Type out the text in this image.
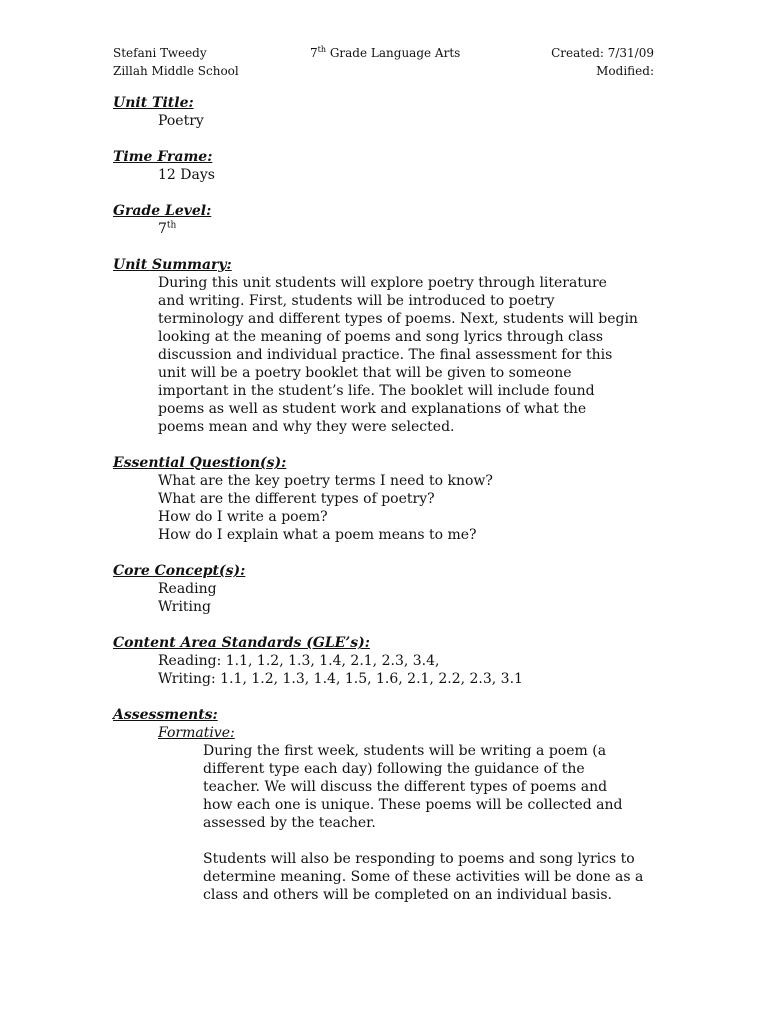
Stefani Tweedy
Zillah Middle School
7th Grade Language Arts	Created: 7/31/09
Modified:
Unit Title:
Poetry
Time Frame:
12 Days
Grade Level:
7th
Unit Summary:
During this unit students will explore poetry through literature
and writing. First, students will be introduced to poetry
terminology and different types of poems. Next, students will begin
looking at the meaning of poems and song lyrics through class
discussion and individual practice. The final assessment for this
unit will be a poetry booklet that will be given to someone
important in the student’s life. The booklet will include found
poems as well as student work and explanations of what the
poems mean and why they were selected.
Essential Question(s):
What are the key poetry terms I need to know?
What are the different types of poetry?
How do I write a poem?
How do I explain what a poem means to me?
Core Concept(s):
Reading
Writing
Content Area Standards (GLE’s):
Reading: 1.1, 1.2, 1.3, 1.4, 2.1, 2.3, 3.4,
Writing: 1.1, 1.2, 1.3, 1.4, 1.5, 1.6, 2.1, 2.2, 2.3, 3.1
Assessments:
Formative:
During the first week, students will be writing a poem (a
different type each day) following the guidance of the
teacher. We will discuss the different types of poems and
how each one is unique. These poems will be collected and
assessed by the teacher.
Students will also be responding to poems and song lyrics to
determine meaning. Some of these activities will be done as a
class and others will be completed on an individual basis.
